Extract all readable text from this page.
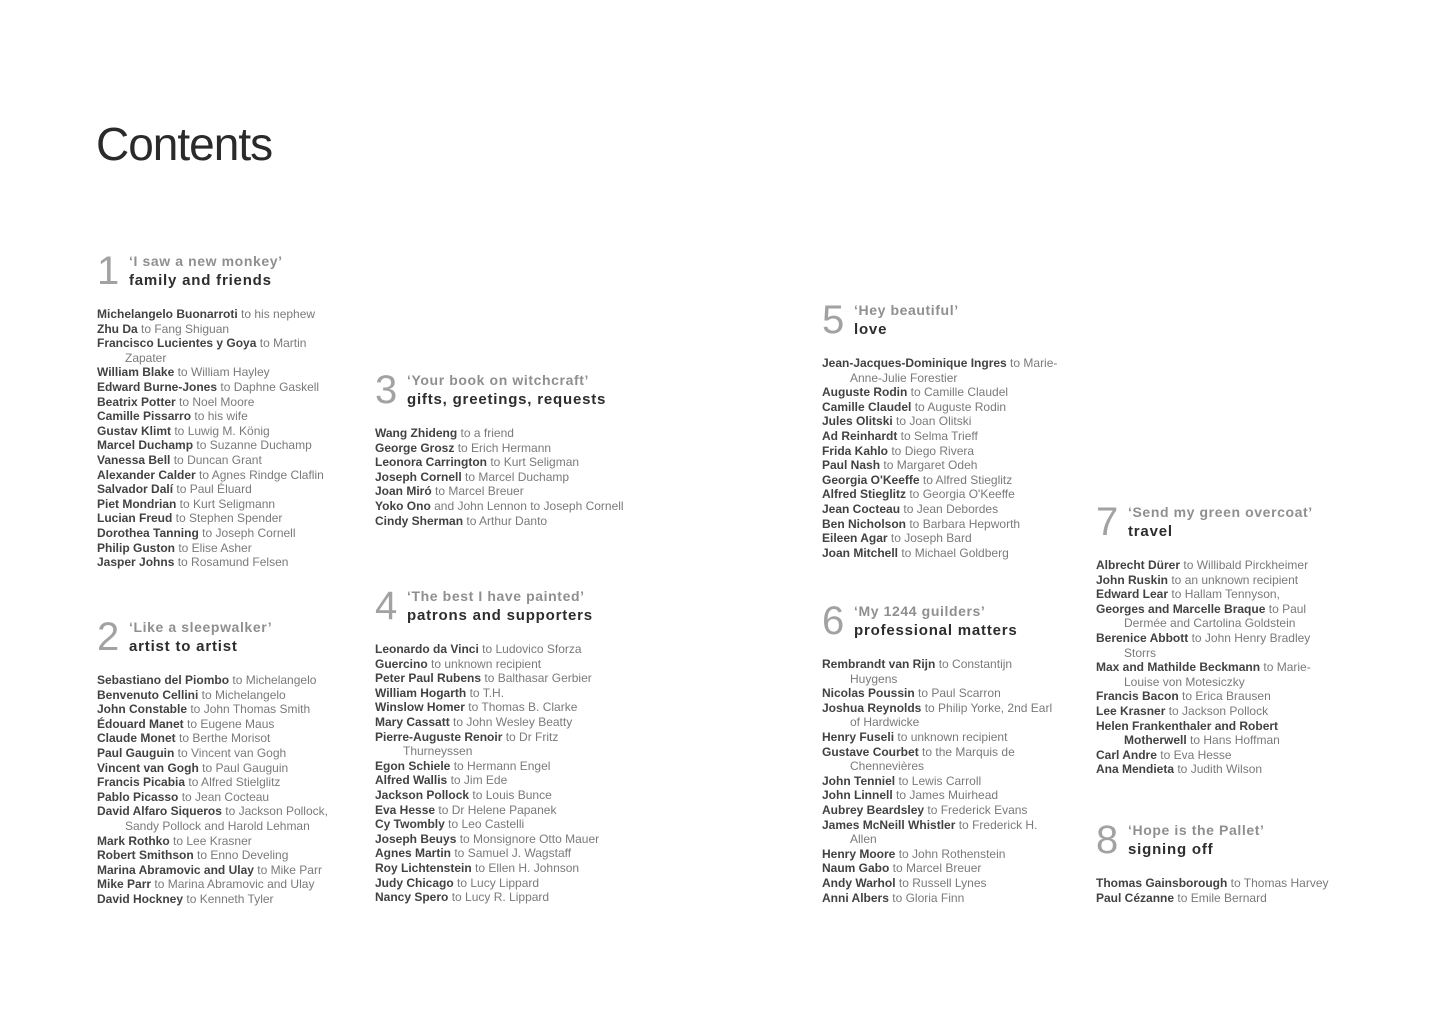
Contents
1 ‘I saw a new monkey’
family and friends
Michelangelo Buonarroti to his nephew
Zhu Da to Fang Shiguan
Francisco Lucientes y Goya to Martin Zapater
William Blake to William Hayley
Edward Burne-Jones to Daphne Gaskell
Beatrix Potter to Noel Moore
Camille Pissarro to his wife
Gustav Klimt to Luwig M. König
Marcel Duchamp to Suzanne Duchamp
Vanessa Bell to Duncan Grant
Alexander Calder to Agnes Rindge Claflin
Salvador Dalí to Paul Éluard
Piet Mondrian to Kurt Seligmann
Lucian Freud to Stephen Spender
Dorothea Tanning to Joseph Cornell
Philip Guston to Elise Asher
Jasper Johns to Rosamund Felsen
2 ‘Like a sleepwalker’
artist to artist
Sebastiano del Piombo to Michelangelo
Benvenuto Cellini to Michelangelo
John Constable to John Thomas Smith
Édouard Manet to Eugene Maus
Claude Monet to Berthe Morisot
Paul Gauguin to Vincent van Gogh
Vincent van Gogh to Paul Gauguin
Francis Picabia to Alfred Stielglitz
Pablo Picasso to Jean Cocteau
David Alfaro Siqueros to Jackson Pollock, Sandy Pollock and Harold Lehman
Mark Rothko to Lee Krasner
Robert Smithson to Enno Develing
Marina Abramovic and Ulay to Mike Parr
Mike Parr to Marina Abramovic and Ulay
David Hockney to Kenneth Tyler
3 ‘Your book on witchcraft’
gifts, greetings, requests
Wang Zhideng to a friend
George Grosz to Erich Hermann
Leonora Carrington to Kurt Seligman
Joseph Cornell to Marcel Duchamp
Joan Miró to Marcel Breuer
Yoko Ono and John Lennon to Joseph Cornell
Cindy Sherman to Arthur Danto
4 ‘The best I have painted’
patrons and supporters
Leonardo da Vinci to Ludovico Sforza
Guercino to unknown recipient
Peter Paul Rubens to Balthasar Gerbier
William Hogarth to T.H.
Winslow Homer to Thomas B. Clarke
Mary Cassatt to John Wesley Beatty
Pierre-Auguste Renoir to Dr Fritz Thurneyssen
Egon Schiele to Hermann Engel
Alfred Wallis to Jim Ede
Jackson Pollock to Louis Bunce
Eva Hesse to Dr Helene Papanek
Cy Twombly to Leo Castelli
Joseph Beuys to Monsignore Otto Mauer
Agnes Martin to Samuel J. Wagstaff
Roy Lichtenstein to Ellen H. Johnson
Judy Chicago to Lucy Lippard
Nancy Spero to Lucy R. Lippard
5 ‘Hey beautiful’
love
Jean-Jacques-Dominique Ingres to Marie-Anne-Julie Forestier
Auguste Rodin to Camille Claudel
Camille Claudel to Auguste Rodin
Jules Olitski to Joan Olitski
Ad Reinhardt to Selma Trieff
Frida Kahlo to Diego Rivera
Paul Nash to Margaret Odeh
Georgia O'Keeffe to Alfred Stieglitz
Alfred Stieglitz to Georgia O'Keeffe
Jean Cocteau to Jean Debordes
Ben Nicholson to Barbara Hepworth
Eileen Agar to Joseph Bard
Joan Mitchell to Michael Goldberg
6 ‘My 1244 guilders’
professional matters
Rembrandt van Rijn to Constantijn Huygens
Nicolas Poussin to Paul Scarron
Joshua Reynolds to Philip Yorke, 2nd Earl of Hardwicke
Henry Fuseli to unknown recipient
Gustave Courbet to the Marquis de Chennevières
John Tenniel to Lewis Carroll
John Linnell to James Muirhead
Aubrey Beardsley to Frederick Evans
James McNeill Whistler to Frederick H. Allen
Henry Moore to John Rothenstein
Naum Gabo to Marcel Breuer
Andy Warhol to Russell Lynes
Anni Albers to Gloria Finn
7 ‘Send my green overcoat’
travel
Albrecht Dürer to Willibald Pirckheimer
John Ruskin to an unknown recipient
Edward Lear to Hallam Tennyson,
Georges and Marcelle Braque to Paul Dermée and Cartolina Goldstein
Berenice Abbott to John Henry Bradley Storrs
Max and Mathilde Beckmann to Marie-Louise von Motesiczky
Francis Bacon to Erica Brausen
Lee Krasner to Jackson Pollock
Helen Frankenthaler and Robert Motherwell to Hans Hoffman
Carl Andre to Eva Hesse
Ana Mendieta to Judith Wilson
8 ‘Hope is the Pallet’
signing off
Thomas Gainsborough to Thomas Harvey
Paul Cézanne to Emile Bernard
